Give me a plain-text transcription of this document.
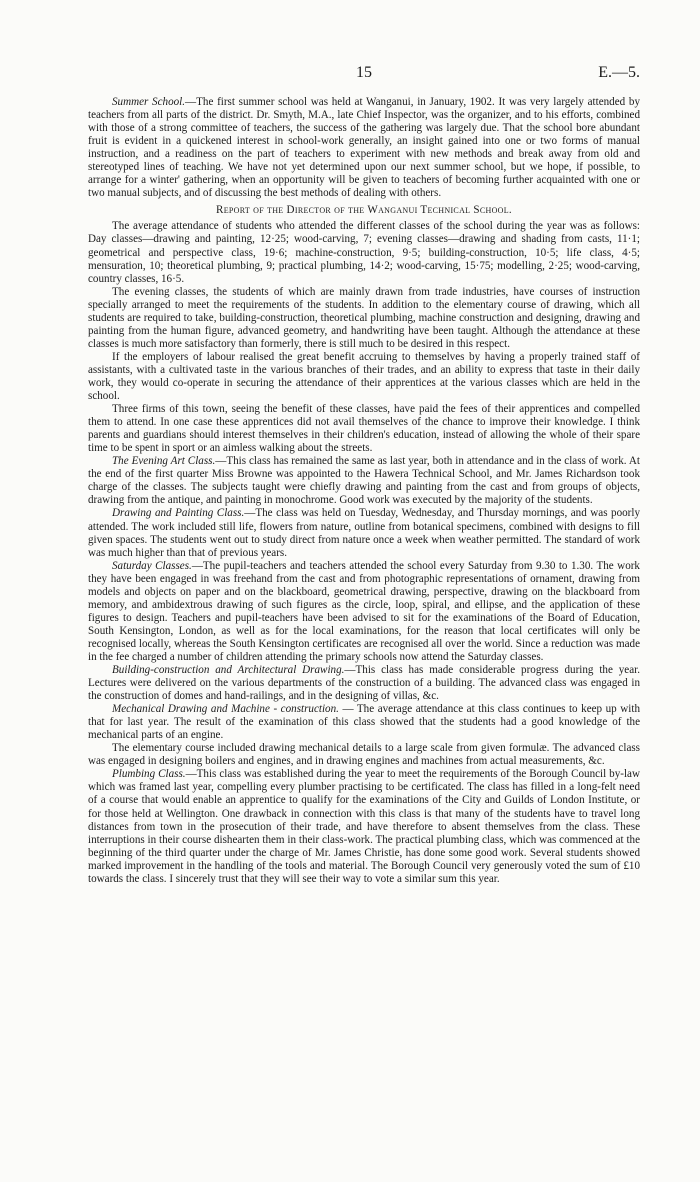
15	E.—5.

Summer School.—The first summer school was held at Wanganui, in January, 1902. It was very largely attended by teachers from all parts of the district. Dr. Smyth, M.A., late Chief Inspector, was the organizer, and to his efforts, combined with those of a strong committee of teachers, the success of the gathering was largely due. That the school bore abundant fruit is evident in a quickened interest in school-work generally, an insight gained into one or two forms of manual instruction, and a readiness on the part of teachers to experiment with new methods and break away from old and stereotyped lines of teaching. We have not yet determined upon our next summer school, but we hope, if possible, to arrange for a winter' gathering, when an opportunity will be given to teachers of becoming further acquainted with one or two manual subjects, and of discussing the best methods of dealing with others.

Report of the Director of the Wanganui Technical School.

The average attendance of students who attended the different classes of the school during the year was as follows: Day classes—drawing and painting, 12·25; wood-carving, 7; evening classes—drawing and shading from casts, 11·1; geometrical and perspective class, 19·6; machine-construction, 9·5; building-construction, 10·5; life class, 4·5; mensuration, 10; theoretical plumbing, 9; practical plumbing, 14·2; wood-carving, 15·75; modelling, 2·25; wood-carving, country classes, 16·5.

The evening classes, the students of which are mainly drawn from trade industries, have courses of instruction specially arranged to meet the requirements of the students. In addition to the elementary course of drawing, which all students are required to take, building-construction, theoretical plumbing, machine construction and designing, drawing and painting from the human figure, advanced geometry, and handwriting have been taught. Although the attendance at these classes is much more satisfactory than formerly, there is still much to be desired in this respect.

If the employers of labour realised the great benefit accruing to themselves by having a properly trained staff of assistants, with a cultivated taste in the various branches of their trades, and an ability to express that taste in their daily work, they would co-operate in securing the attendance of their apprentices at the various classes which are held in the school.

Three firms of this town, seeing the benefit of these classes, have paid the fees of their apprentices and compelled them to attend. In one case these apprentices did not avail themselves of the chance to improve their knowledge. I think parents and guardians should interest themselves in their children's education, instead of allowing the whole of their spare time to be spent in sport or an aimless walking about the streets.

The Evening Art Class.—This class has remained the same as last year, both in attendance and in the class of work. At the end of the first quarter Miss Browne was appointed to the Hawera Technical School, and Mr. James Richardson took charge of the classes. The subjects taught were chiefly drawing and painting from the cast and from groups of objects, drawing from the antique, and painting in monochrome. Good work was executed by the majority of the students.

Drawing and Painting Class.—The class was held on Tuesday, Wednesday, and Thursday mornings, and was poorly attended. The work included still life, flowers from nature, outline from botanical specimens, combined with designs to fill given spaces. The students went out to study direct from nature once a week when weather permitted. The standard of work was much higher than that of previous years.

Saturday Classes.—The pupil-teachers and teachers attended the school every Saturday from 9.30 to 1.30. The work they have been engaged in was freehand from the cast and from photographic representations of ornament, drawing from models and objects on paper and on the blackboard, geometrical drawing, perspective, drawing on the blackboard from memory, and ambidextrous drawing of such figures as the circle, loop, spiral, and ellipse, and the application of these figures to design. Teachers and pupil-teachers have been advised to sit for the examinations of the Board of Education, South Kensington, London, as well as for the local examinations, for the reason that local certificates will only be recognised locally, whereas the South Kensington certificates are recognised all over the world. Since a reduction was made in the fee charged a number of children attending the primary schools now attend the Saturday classes.

Building-construction and Architectural Drawing.—This class has made considerable progress during the year. Lectures were delivered on the various departments of the construction of a building. The advanced class was engaged in the construction of domes and hand-railings, and in the designing of villas, &c.

Mechanical Drawing and Machine - construction. — The average attendance at this class continues to keep up with that for last year. The result of the examination of this class showed that the students had a good knowledge of the mechanical parts of an engine.

The elementary course included drawing mechanical details to a large scale from given formulæ. The advanced class was engaged in designing boilers and engines, and in drawing engines and machines from actual measurements, &c.

Plumbing Class.—This class was established during the year to meet the requirements of the Borough Council by-law which was framed last year, compelling every plumber practising to be certificated. The class has filled in a long-felt need of a course that would enable an apprentice to qualify for the examinations of the City and Guilds of London Institute, or for those held at Wellington. One drawback in connection with this class is that many of the students have to travel long distances from town in the prosecution of their trade, and have therefore to absent themselves from the class. These interruptions in their course dishearten them in their class-work. The practical plumbing class, which was commenced at the beginning of the third quarter under the charge of Mr. James Christie, has done some good work. Several students showed marked improvement in the handling of the tools and material. The Borough Council very generously voted the sum of £10 towards the class. I sincerely trust that they will see their way to vote a similar sum this year.
